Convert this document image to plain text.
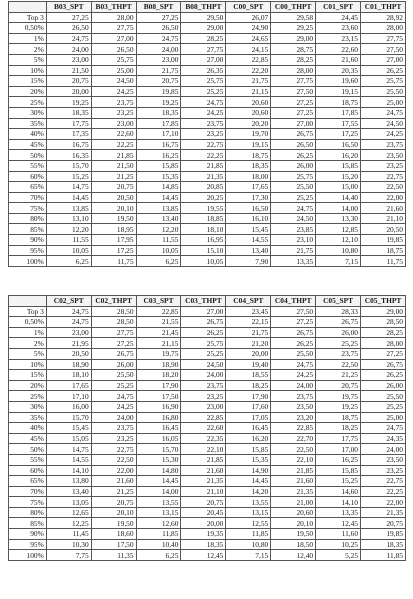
	B03_SPT	B03_THPT	B08_SPT	B08_THPT	C00_SPT	C00_THPT	C01_SPT	C01_THPT
Top 3	27,25	28,00	27,25	29,50	26,07	29,58	24,45	28,92
0,50%	26,50	27,75	26,50	29,00	24,90	29,25	23,60	28,00
1%	24,75	27,00	24,75	28,25	24,65	29,00	23,15	27,75
2%	24,00	26,50	24,00	27,75	24,15	28,75	22,60	27,50
5%	23,00	25,75	23,00	27,00	22,85	28,25	21,60	27,00
10%	21,50	25,00	21,75	26,35	22,20	28,00	20,35	26,25
15%	20,75	24,50	20,75	25,75	21,75	27,75	19,60	25,75
20%	20,00	24,25	19,85	25,25	21,15	27,50	19,15	25,50
25%	19,25	23,75	19,25	24,75	20,60	27,25	18,75	25,00
30%	18,35	23,25	18,35	24,25	20,60	27,25	17,85	24,75
35%	17,75	23,00	17,85	23,75	20,20	27,00	17,55	24,50
40%	17,35	22,60	17,10	23,25	19,70	26,75	17,25	24,25
45%	16,75	22,25	16,75	22,75	19,15	26,50	16,50	23,75
50%	16,35	21,85	16,25	22,25	18,75	26,25	16,20	23,50
55%	15,70	21,50	15,85	21,85	18,35	26,00	15,85	23,25
60%	15,25	21,25	15,35	21,35	18,00	25,75	15,20	22,75
65%	14,75	20,75	14,85	20,85	17,65	25,50	15,00	22,50
70%	14,45	20,50	14,45	20,25	17,30	25,25	14,40	22,00
75%	13,85	20,10	13,85	19,55	16,50	24,75	14,00	21,60
80%	13,10	19,50	13,40	18,85	16,10	24,50	13,30	21,10
85%	12,20	18,95	12,20	18,10	15,45	23,85	12,85	20,50
90%	11,55	17,95	11,55	16,95	14,55	23,10	12,10	19,85
95%	10,05	17,25	10,05	15,10	13,40	21,75	10,80	18,75
100%	6,25	11,75	6,25	10,05	7,90	13,35	7,15	11,75
	C02_SPT	C02_THPT	C03_SPT	C03_THPT	C04_SPT	C04_THPT	C05_SPT	C05_THPT
Top 3	24,75	28,50	22,85	27,00	23,45	27,50	28,33	29,00
0,50%	24,75	28,50	21,55	26,75	22,15	27,25	26,75	28,50
1%	23,00	27,75	21,45	26,25	21,75	26,75	26,00	28,25
2%	21,95	27,25	21,15	25,75	21,20	26,25	25,25	28,00
5%	20,50	26,75	19,75	25,25	20,00	25,50	23,75	27,25
10%	18,90	26,00	18,90	24,50	19,40	24,75	22,50	26,75
15%	18,10	25,50	18,20	24,00	18,55	24,25	21,25	26,25
20%	17,65	25,25	17,90	23,75	18,25	24,00	20,75	26,00
25%	17,10	24,75	17,50	23,25	17,90	23,75	19,75	25,50
30%	16,00	24,25	16,90	23,00	17,60	23,50	19,25	25,25
35%	15,70	24,00	16,80	22,85	17,05	23,20	18,75	25,00
40%	15,45	23,75	16,45	22,60	16,45	22,85	18,25	24,75
45%	15,05	23,25	16,05	22,35	16,20	22,70	17,75	24,35
50%	14,75	22,75	15,70	22,10	15,85	22,50	17,00	24,00
55%	14,55	22,50	15,30	21,85	15,35	22,10	16,25	23,50
60%	14,10	22,00	14,80	21,60	14,90	21,85	15,85	23,25
65%	13,80	21,60	14,45	21,35	14,45	21,60	15,25	22,75
70%	13,40	21,25	14,00	21,10	14,20	21,35	14,60	22,25
75%	13,05	20,75	13,55	20,75	13,55	21,00	14,10	22,00
80%	12,65	20,10	13,15	20,45	13,15	20,60	13,35	21,35
85%	12,25	19,50	12,60	20,00	12,55	20,10	12,45	20,75
90%	11,45	18,60	11,85	19,35	11,85	19,50	11,60	19,85
95%	10,30	17,50	10,40	18,35	10,80	18,50	10,25	18,35
100%	7,75	11,35	6,25	12,45	7,15	12,40	5,25	11,85
